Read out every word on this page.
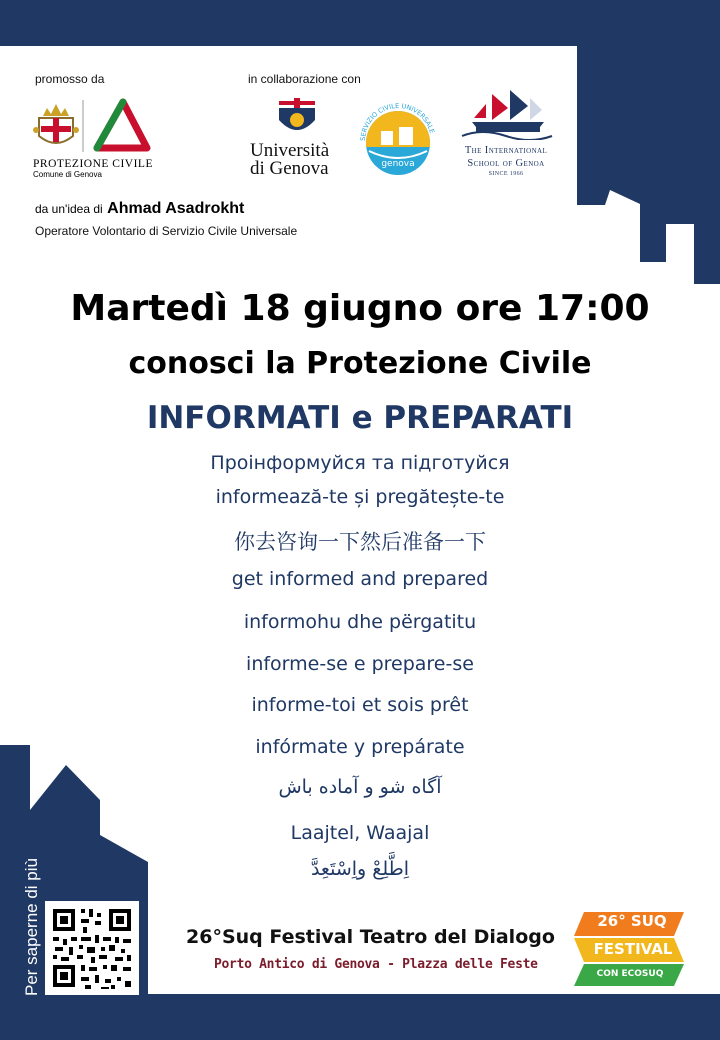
promosso da	in collaborazione con
PROTEZIONE CIVILE
Comune di Genova
Università
di Genova
SERVIZIO CIVILE UNIVERSALE
genova
The International
School of Genoa
SINCE 1966
da un'idea di Ahmad Asadrokht
Operatore Volontario di Servizio Civile Universale
Martedì 18 giugno ore 17:00
conosci la Protezione Civile
INFORMATI e PREPARATI
Проінформуйся та підготуйся
informează-te și pregătește-te
你去咨询一下然后准备一下
get informed and prepared
informohu dhe përgatitu
informe-se e prepare-se
informe-toi et sois prêt
infórmate y prepárate
آگاه شو و آماده باش
Laajtel, Waajal
اِطَّلِعْ واِسْتَعِدَّ
Per saperne di più	26°Suq Festival Teatro del Dialogo
Porto Antico di Genova - Plazza delle Feste
26° SUQ
FESTIVAL
CON ECOSUQ
